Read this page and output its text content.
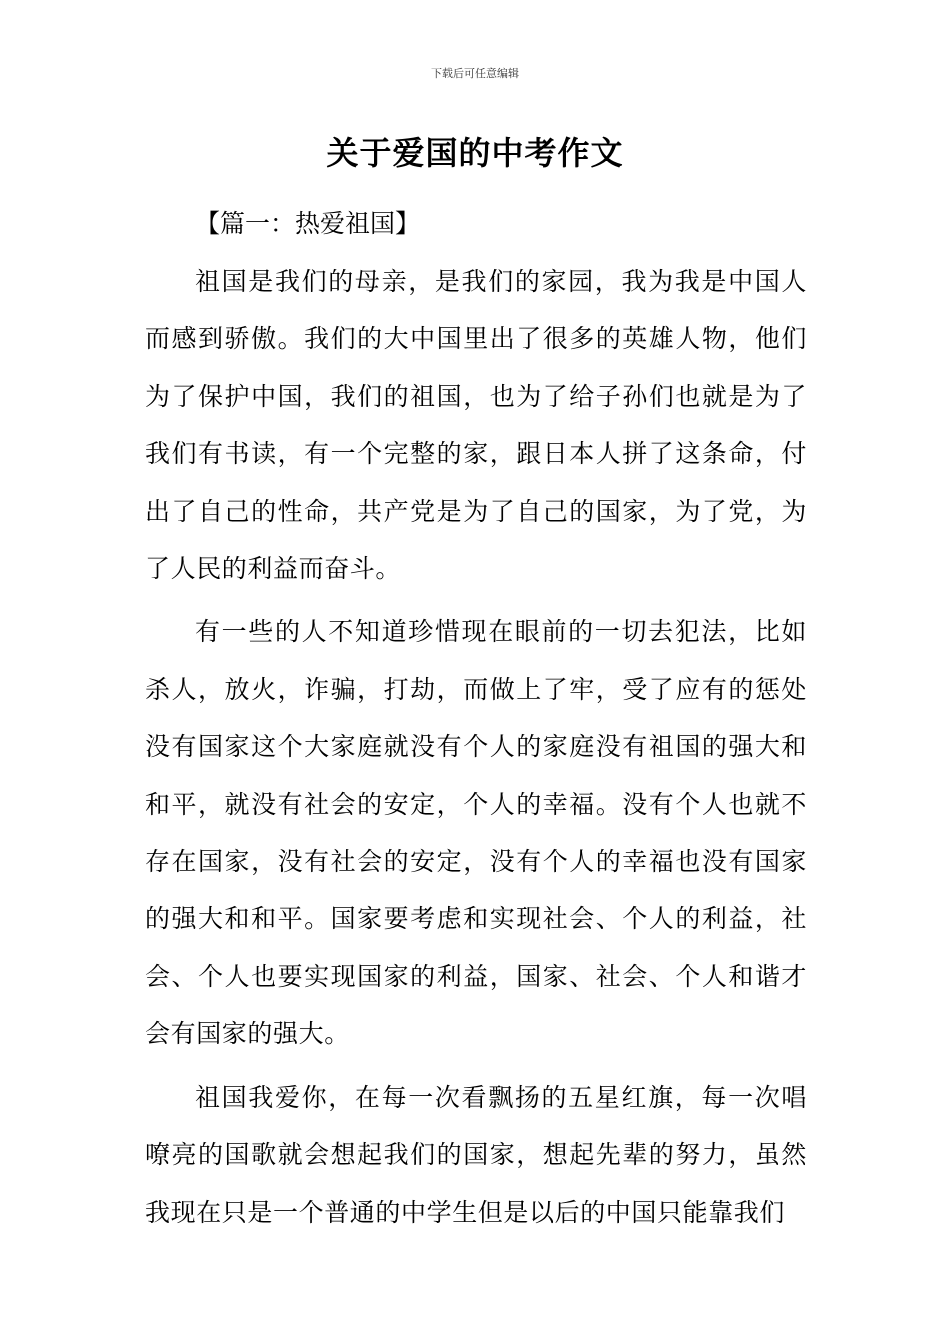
下载后可任意编辑
关于爱国的中考作文

【篇一：热爱祖国】

祖国是我们的母亲，是我们的家园，我为我是中国人而感到骄傲。我们的大中国里出了很多的英雄人物，他们为了保护中国，我们的祖国，也为了给子孙们也就是为了我们有书读，有一个完整的家，跟日本人拼了这条命，付出了自己的性命，共产党是为了自己的国家，为了党，为了人民的利益而奋斗。

有一些的人不知道珍惜现在眼前的一切去犯法，比如杀人，放火，诈骗，打劫，而做上了牢，受了应有的惩处没有国家这个大家庭就没有个人的家庭没有祖国的强大和和平，就没有社会的安定，个人的幸福。没有个人也就不存在国家，没有社会的安定，没有个人的幸福也没有国家的强大和和平。国家要考虑和实现社会、个人的利益，社会、个人也要实现国家的利益，国家、社会、个人和谐才会有国家的强大。

祖国我爱你，在每一次看飘扬的五星红旗，每一次唱嘹亮的国歌就会想起我们的国家，想起先辈的努力，虽然我现在只是一个普通的中学生但是以后的中国只能靠我们
